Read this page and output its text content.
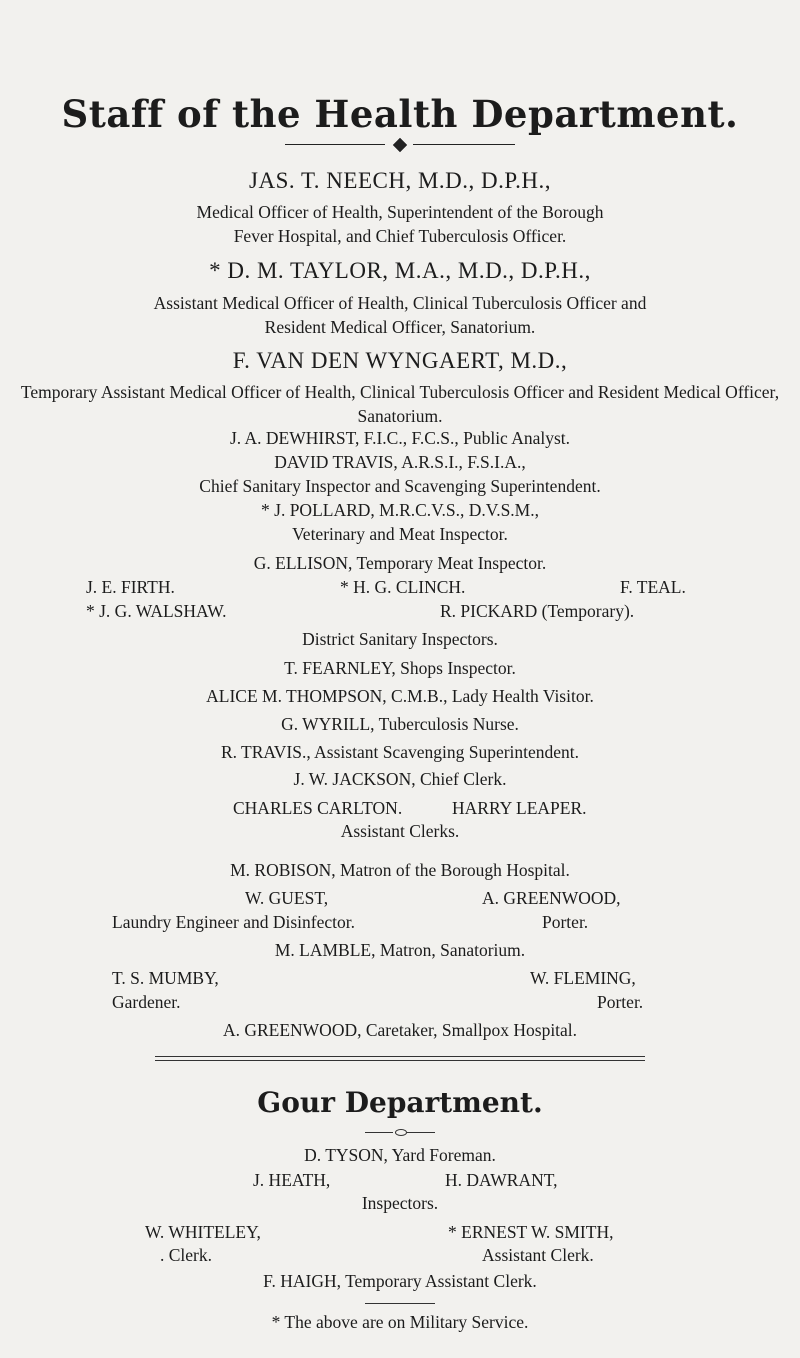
Staff of the Health Department.
JAS. T. NEECH, M.D., D.P.H.,
Medical Officer of Health, Superintendent of the Borough Fever Hospital, and Chief Tuberculosis Officer.
* D. M. TAYLOR, M.A., M.D., D.P.H.,
Assistant Medical Officer of Health, Clinical Tuberculosis Officer and Resident Medical Officer, Sanatorium.
F. VAN DEN WYNGAERT, M.D.,
Temporary Assistant Medical Officer of Health, Clinical Tuberculosis Officer and Resident Medical Officer, Sanatorium.
J. A. DEWHIRST, F.I.C., F.C.S., Public Analyst.
DAVID TRAVIS, A.R.S.I., F.S.I.A.,
Chief Sanitary Inspector and Scavenging Superintendent.
* J. POLLARD, M.R.C.V.S., D.V.S.M.,
Veterinary and Meat Inspector.
G. ELLISON, Temporary Meat Inspector.
J. E. FIRTH.	* H. G. CLINCH.	F. TEAL.
* J. G. WALSHAW.	R. PICKARD (Temporary).
District Sanitary Inspectors.
T. FEARNLEY, Shops Inspector.
ALICE M. THOMPSON, C.M.B., Lady Health Visitor.
G. WYRILL, Tuberculosis Nurse.
R. TRAVIS., Assistant Scavenging Superintendent.
J. W. JACKSON, Chief Clerk.
CHARLES CARLTON.	HARRY LEAPER.
Assistant Clerks.
M. ROBISON, Matron of the Borough Hospital.
W. GUEST,	A. GREENWOOD,
Laundry Engineer and Disinfector.	Porter.
M. LAMBLE, Matron, Sanatorium.
T. S. MUMBY,	W. FLEMING,
Gardener.	Porter.
A. GREENWOOD, Caretaker, Smallpox Hospital.
Gour Department.
D. TYSON, Yard Foreman.
J. HEATH,	H. DAWRANT,
Inspectors.
W. WHITELEY,	* ERNEST W. SMITH,
. Clerk.	Assistant Clerk.
F. HAIGH, Temporary Assistant Clerk.
* The above are on Military Service.
